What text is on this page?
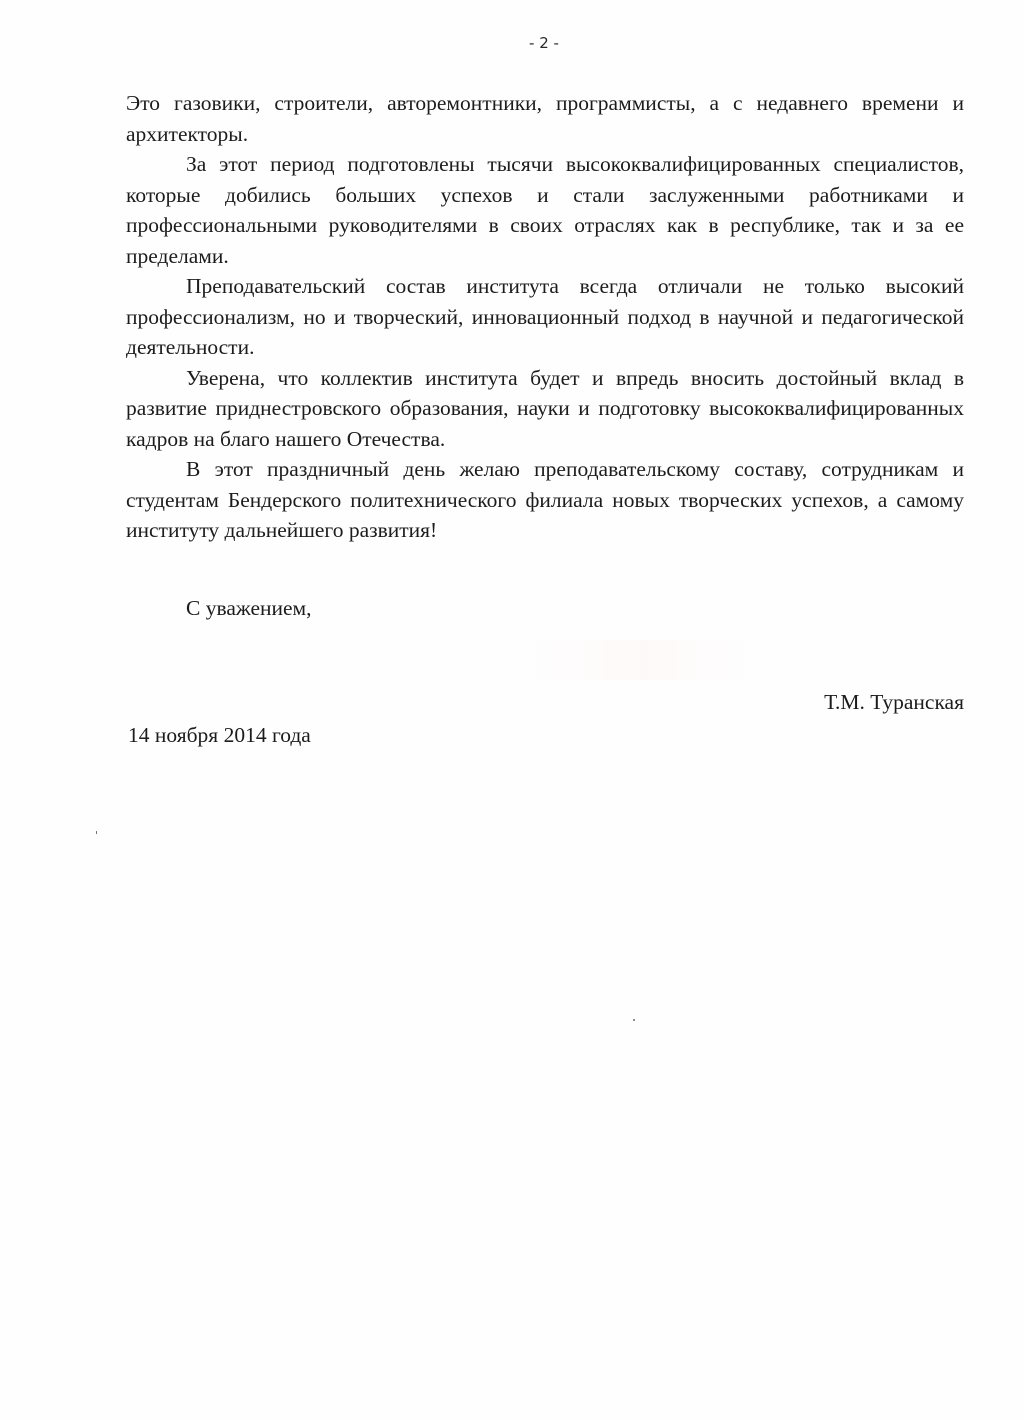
- 2 -

Это газовики, строители, авторемонтники, программисты, а с недавнего времени и архитекторы.

За этот период подготовлены тысячи высококвалифицированных специалистов, которые добились больших успехов и стали заслуженными работниками и профессиональными руководителями в своих отраслях как в республике, так и за ее пределами.

Преподавательский состав института всегда отличали не только высокий профессионализм, но и творческий, инновационный подход в научной и педагогической деятельности.

Уверена, что коллектив института будет и впредь вносить достойный вклад в развитие приднестровского образования, науки и подготовку высококвалифицированных кадров на благо нашего Отечества.

В этот праздничный день желаю преподавательскому составу, сотрудникам и студентам Бендерского политехнического филиала новых творческих успехов, а самому институту дальнейшего развития!

С уважением,
Т.М. Туранская
14 ноября 2014 года
